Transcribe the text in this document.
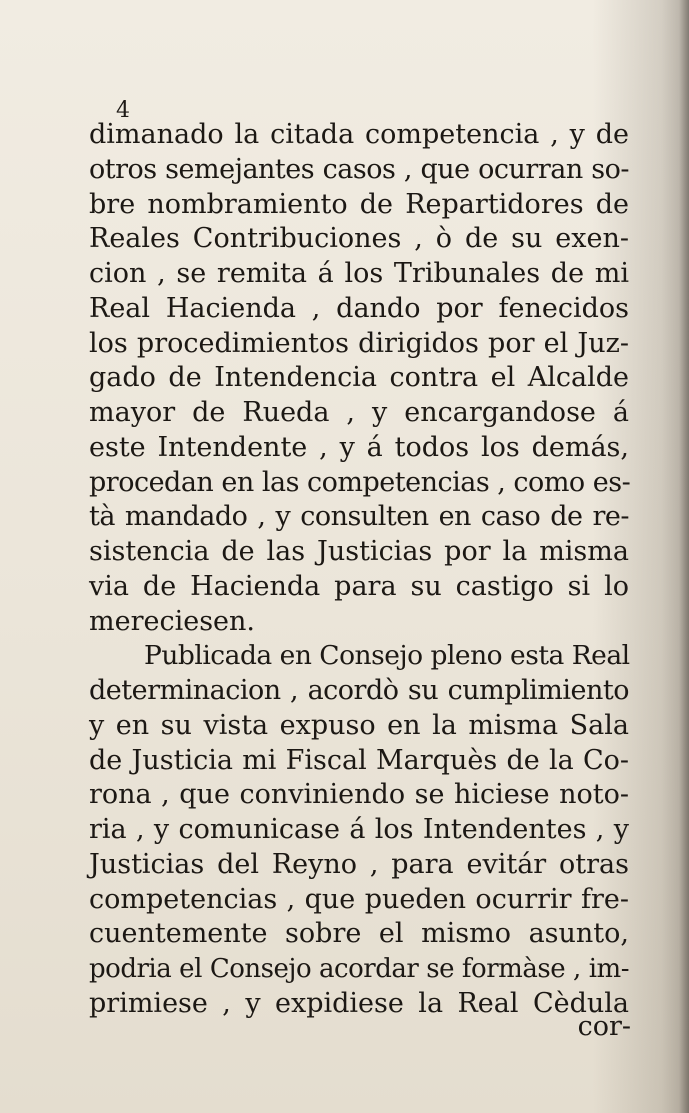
4
dimanado la citada competencia , y de
otros semejantes casos , que ocurran so-
bre nombramiento de Repartidores de
Reales Contribuciones , ò de su exen-
cion , se remita á los Tribunales de mi
Real Hacienda , dando por fenecidos
los procedimientos dirigidos por el Juz-
gado de Intendencia contra el Alcalde
mayor de Rueda , y encargandose á
este Intendente , y á todos los demás,
procedan en las competencias , como es-
tà mandado , y consulten en caso de re-
sistencia de las Justicias por la misma
via de Hacienda para su castigo si lo
mereciesen.
Publicada en Consejo pleno esta Real
determinacion , acordò su cumplimiento
y en su vista expuso en la misma Sala
de Justicia mi Fiscal Marquès de la Co-
rona , que conviniendo se hiciese noto-
ria , y comunicase á los Intendentes , y
Justicias del Reyno , para evitár otras
competencias , que pueden ocurrir fre-
cuentemente sobre el mismo asunto,
podria el Consejo acordar se formàse , im-
primiese , y expidiese la Real Cèdula
cor-
